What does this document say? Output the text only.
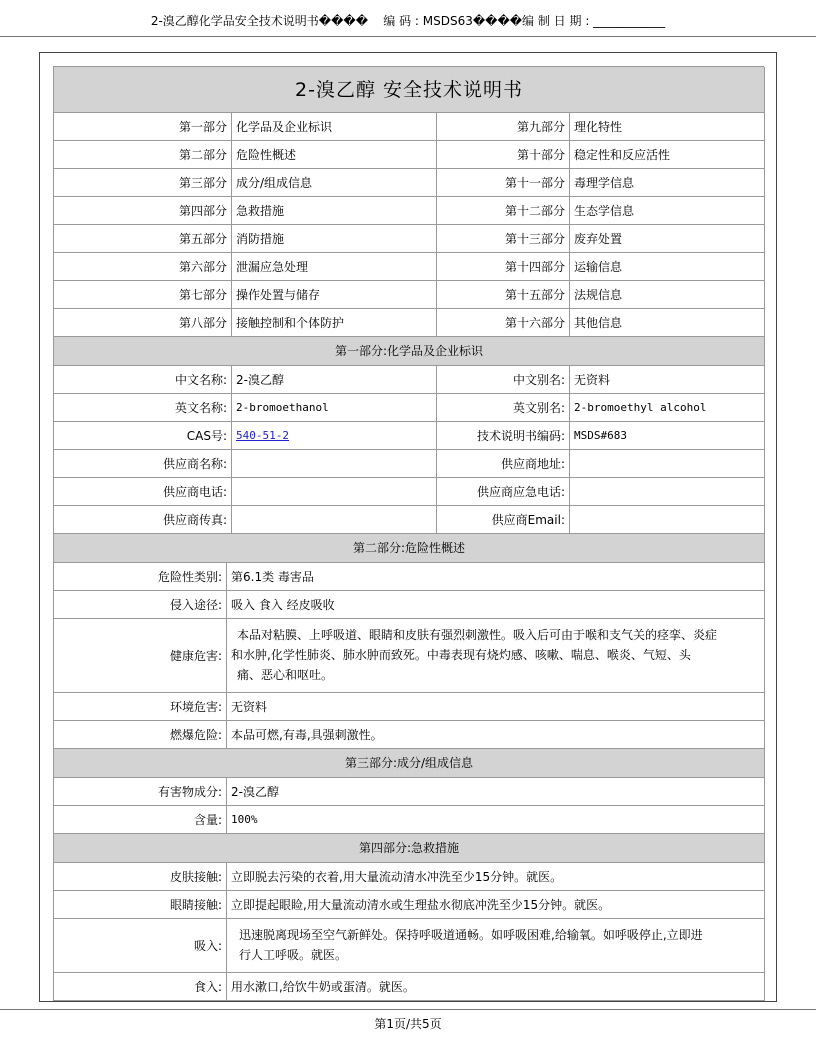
2-溴乙醇化学品安全技术说明书����    编 码 : MSDS63����编 制 日 期 : ____________
2-溴乙醇 安全技术说明书
第一部分 化学品及企业标识	第九部分 理化特性
第二部分 危险性概述	第十部分 稳定性和反应活性
第三部分 成分/组成信息	第十一部分 毒理学信息
第四部分 急救措施	第十二部分 生态学信息
第五部分 消防措施	第十三部分 废弃处置
第六部分 泄漏应急处理	第十四部分 运输信息
第七部分 操作处置与储存	第十五部分 法规信息
第八部分 接触控制和个体防护	第十六部分 其他信息
第一部分:化学品及企业标识
中文名称: 2-溴乙醇	中文别名: 无资料
英文名称: 2-bromoethanol	英文别名: 2-bromoethyl alcohol
CAS号: 540-51-2	技术说明书编码: MSDS#683
供应商名称:	供应商地址:
供应商电话:	供应商应急电话:
供应商传真:	供应商Email:
第二部分:危险性概述
危险性类别: 第6.1类 毒害品
侵入途径: 吸入 食入 经皮吸收
健康危害:
本品对粘膜、上呼吸道、眼睛和皮肤有强烈刺激性。吸入后可由于喉和支气关的痉挛、炎症
和水肿,化学性肺炎、肺水肿而致死。中毒表现有烧灼感、咳嗽、喘息、喉炎、气短、头
痛、恶心和呕吐。
环境危害: 无资料
燃爆危险: 本品可燃,有毒,具强刺激性。
第三部分:成分/组成信息
有害物成分: 2-溴乙醇
含量: 100%
第四部分:急救措施
皮肤接触: 立即脱去污染的衣着,用大量流动清水冲洗至少15分钟。就医。
眼睛接触: 立即提起眼睑,用大量流动清水或生理盐水彻底冲洗至少15分钟。就医。
吸入:
迅速脱离现场至空气新鲜处。保持呼吸道通畅。如呼吸困难,给输氧。如呼吸停止,立即进
行人工呼吸。就医。
食入: 用水漱口,给饮牛奶或蛋清。就医。
第1页/共5页
